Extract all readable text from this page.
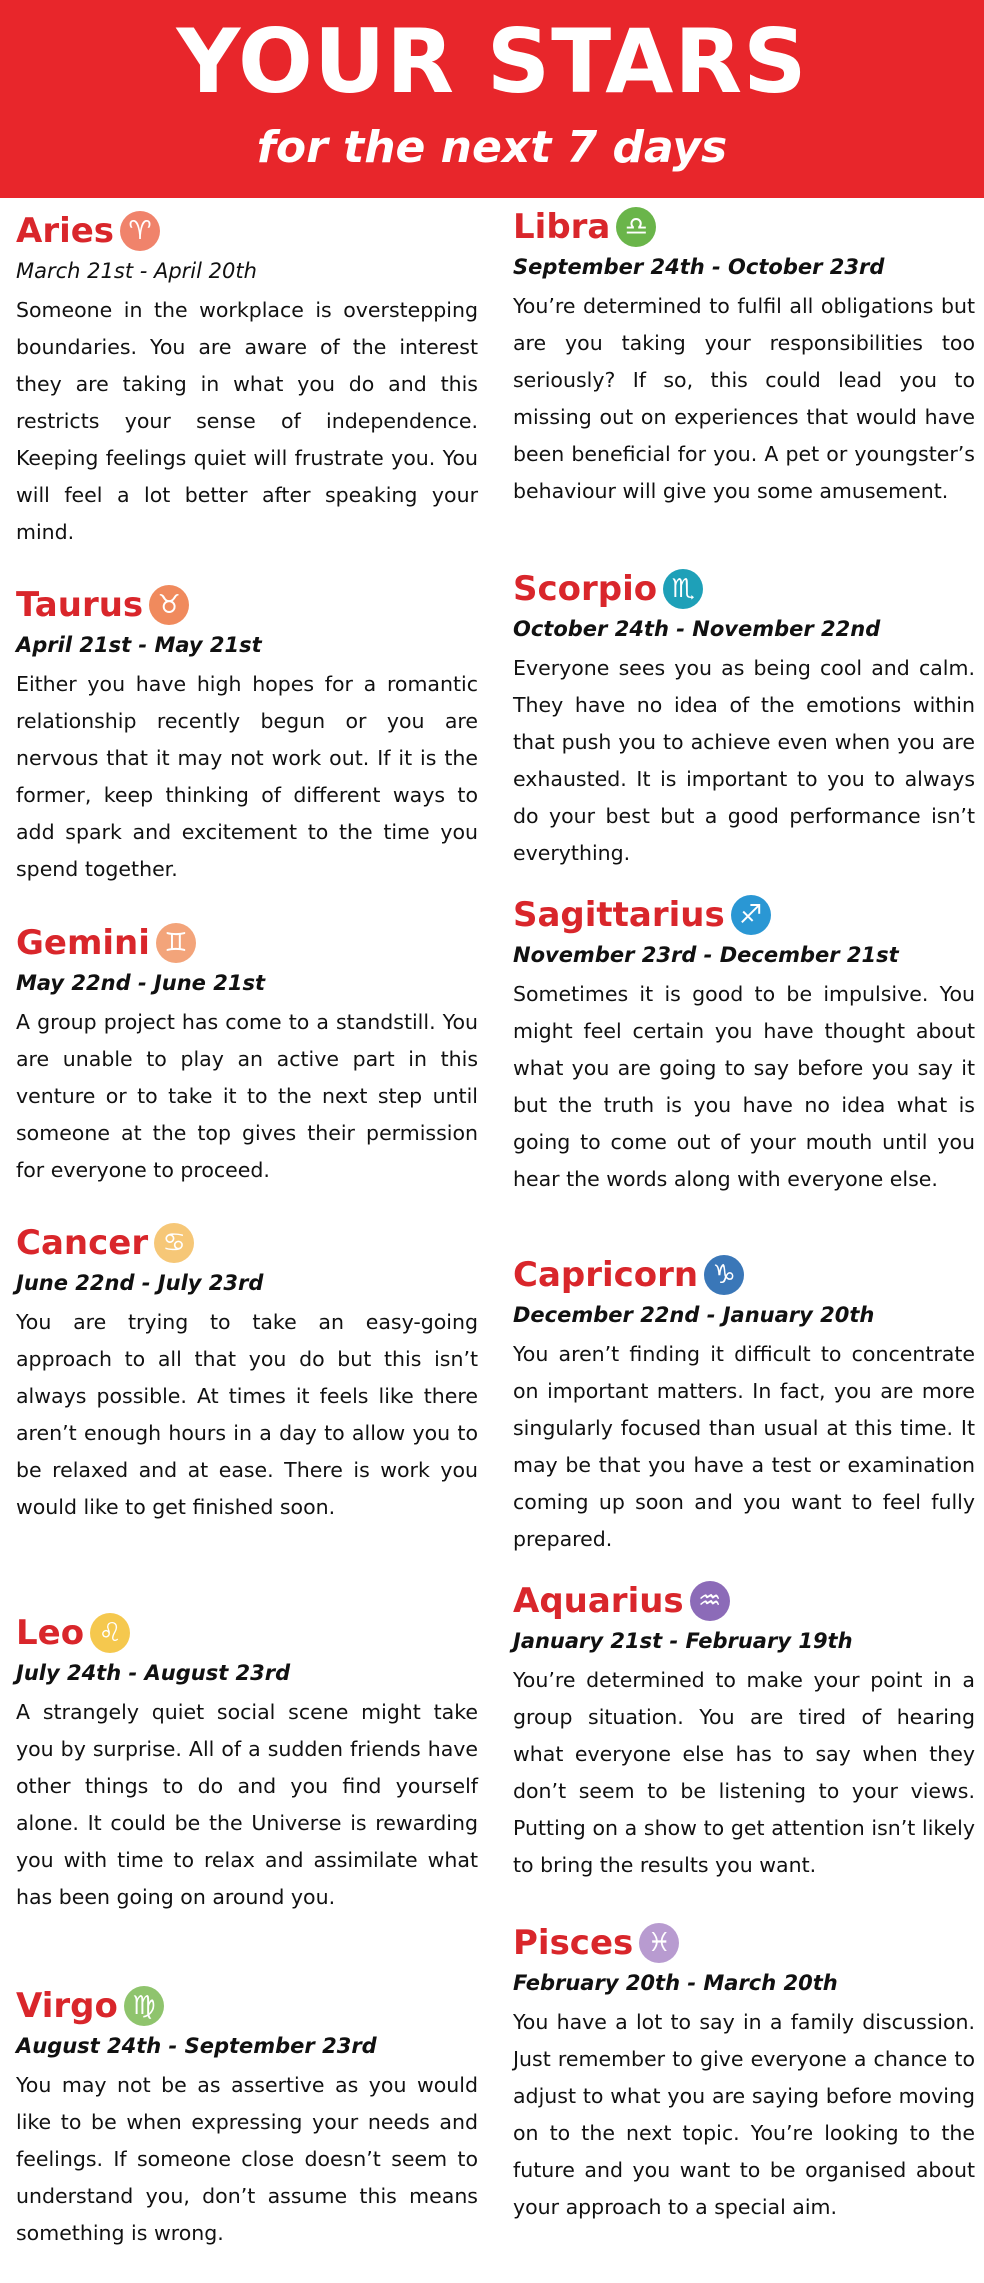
YOUR STARS
for the next 7 days
Aries ♈
March 21st - April 20th

Someone in the workplace is overstepping boundaries. You are aware of the interest they are taking in what you do and this restricts your sense of independence. Keeping feelings quiet will frustrate you. You will feel a lot better after speaking your mind.

Taurus ♉
April 21st - May 21st

Either you have high hopes for a romantic relationship recently begun or you are nervous that it may not work out. If it is the former, keep thinking of different ways to add spark and excitement to the time you spend together.

Gemini ♊
May 22nd - June 21st

A group project has come to a standstill. You are unable to play an active part in this venture or to take it to the next step until someone at the top gives their permission for everyone to proceed.

Cancer ♋
June 22nd - July 23rd

You are trying to take an easy-going approach to all that you do but this isn’t always possible. At times it feels like there aren’t enough hours in a day to allow you to be relaxed and at ease. There is work you would like to get finished soon.

Leo ♌
July 24th - August 23rd

A strangely quiet social scene might take you by surprise. All of a sudden friends have other things to do and you find yourself alone. It could be the Universe is rewarding you with time to relax and assimilate what has been going on around you.

Virgo ♍
August 24th - September 23rd

You may not be as assertive as you would like to be when expressing your needs and feelings. If someone close doesn’t seem to understand you, don’t assume this means something is wrong.

Libra ♎
September 24th - October 23rd

You’re determined to fulfil all obligations but are you taking your responsibilities too seriously? If so, this could lead you to missing out on experiences that would have been beneficial for you. A pet or youngster’s behaviour will give you some amusement.

Scorpio ♏
October 24th - November 22nd

Everyone sees you as being cool and calm. They have no idea of the emotions within that push you to achieve even when you are exhausted. It is important to you to always do your best but a good performance isn’t everything.

Sagittarius ♐
November 23rd - December 21st

Sometimes it is good to be impulsive. You might feel certain you have thought about what you are going to say before you say it but the truth is you have no idea what is going to come out of your mouth until you hear the words along with everyone else.

Capricorn ♑
December 22nd - January 20th

You aren’t finding it difficult to concentrate on important matters. In fact, you are more singularly focused than usual at this time. It may be that you have a test or examination coming up soon and you want to feel fully prepared.

Aquarius ♒
January 21st - February 19th

You’re determined to make your point in a group situation. You are tired of hearing what everyone else has to say when they don’t seem to be listening to your views. Putting on a show to get attention isn’t likely to bring the results you want.

Pisces ♓
February 20th - March 20th

You have a lot to say in a family discussion. Just remember to give everyone a chance to adjust to what you are saying before moving on to the next topic. You’re looking to the future and you want to be organised about your approach to a special aim.
